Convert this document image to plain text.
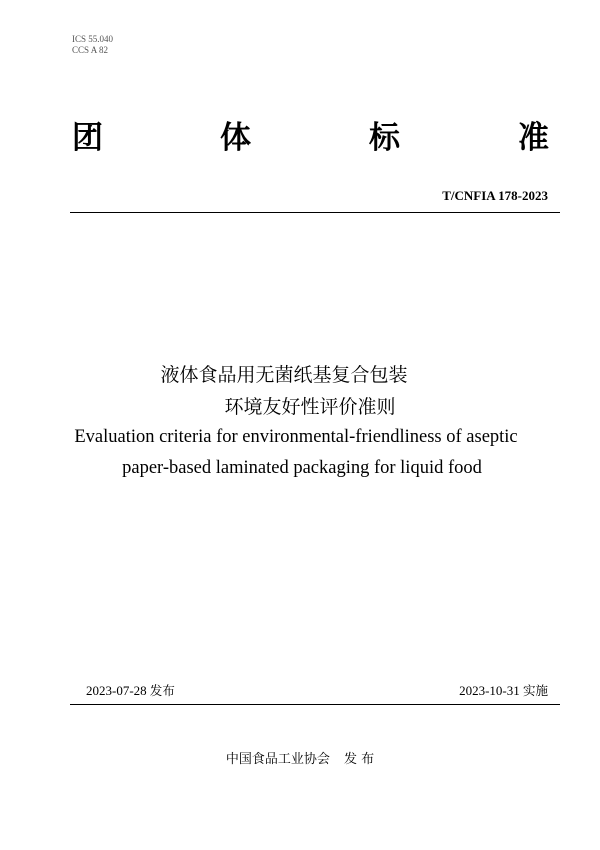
ICS 55.040
CCS A 82
团	体	标	准
T/CNFIA 178-2023
液体食品用无菌纸基复合包装
环境友好性评价准则
Evaluation criteria for environmental-friendliness of aseptic
paper-based laminated packaging for liquid food
2023-07-28 发布	2023-10-31 实施
中国食品工业协会 发 布
